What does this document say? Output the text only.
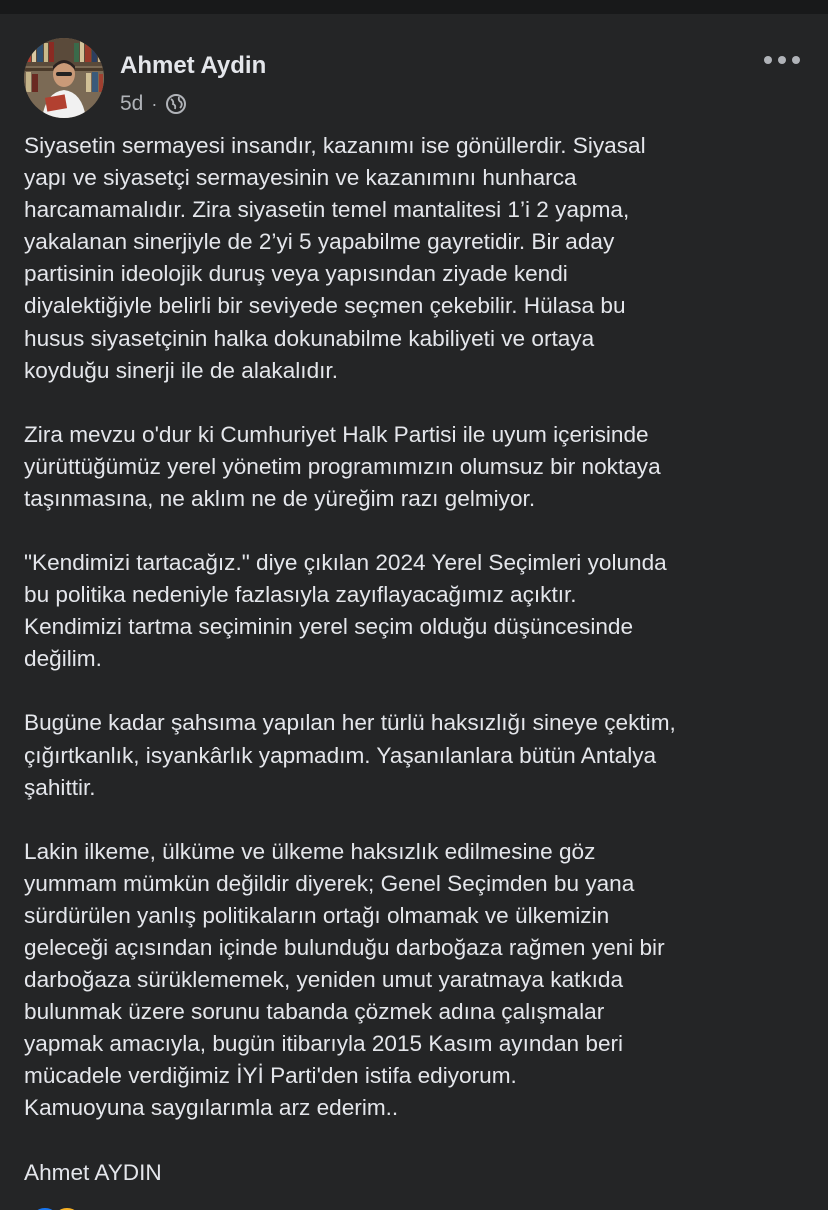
Ahmet Aydin
5d ·

Siyasetin sermayesi insandır, kazanımı ise gönüllerdir. Siyasal
yapı ve siyasetçi sermayesinin ve kazanımını hunharca
harcamamalıdır. Zira siyasetin temel mantalitesi 1’i 2 yapma,
yakalanan sinerjiyle de 2’yi 5 yapabilme gayretidir. Bir aday
partisinin ideolojik duruş veya yapısından ziyade kendi
diyalektiğiyle belirli bir seviyede seçmen çekebilir. Hülasa bu
husus siyasetçinin halka dokunabilme kabiliyeti ve ortaya
koyduğu sinerji ile de alakalıdır.

Zira mevzu o'dur ki Cumhuriyet Halk Partisi ile uyum içerisinde
yürüttüğümüz yerel yönetim programımızın olumsuz bir noktaya
taşınmasına, ne aklım ne de yüreğim razı gelmiyor.

"Kendimizi tartacağız." diye çıkılan 2024 Yerel Seçimleri yolunda
bu politika nedeniyle fazlasıyla zayıflayacağımız açıktır.
Kendimizi tartma seçiminin yerel seçim olduğu düşüncesinde
değilim.

Bugüne kadar şahsıma yapılan her türlü haksızlığı sineye çektim,
çığırtkanlık, isyankârlık yapmadım. Yaşanılanlara bütün Antalya
şahittir.

Lakin ilkeme, ülküme ve ülkeme haksızlık edilmesine göz
yummam mümkün değildir diyerek; Genel Seçimden bu yana
sürdürülen yanlış politikaların ortağı olmamak ve ülkemizin
geleceği açısından içinde bulunduğu darboğaza rağmen yeni bir
darboğaza sürüklememek, yeniden umut yaratmaya katkıda
bulunmak üzere sorunu tabanda çözmek adına çalışmalar
yapmak amacıyla, bugün itibarıyla 2015 Kasım ayından beri
mücadele verdiğimiz İYİ Parti'den istifa ediyorum.
Kamuoyuna saygılarımla arz ederim..

Ahmet AYDIN
